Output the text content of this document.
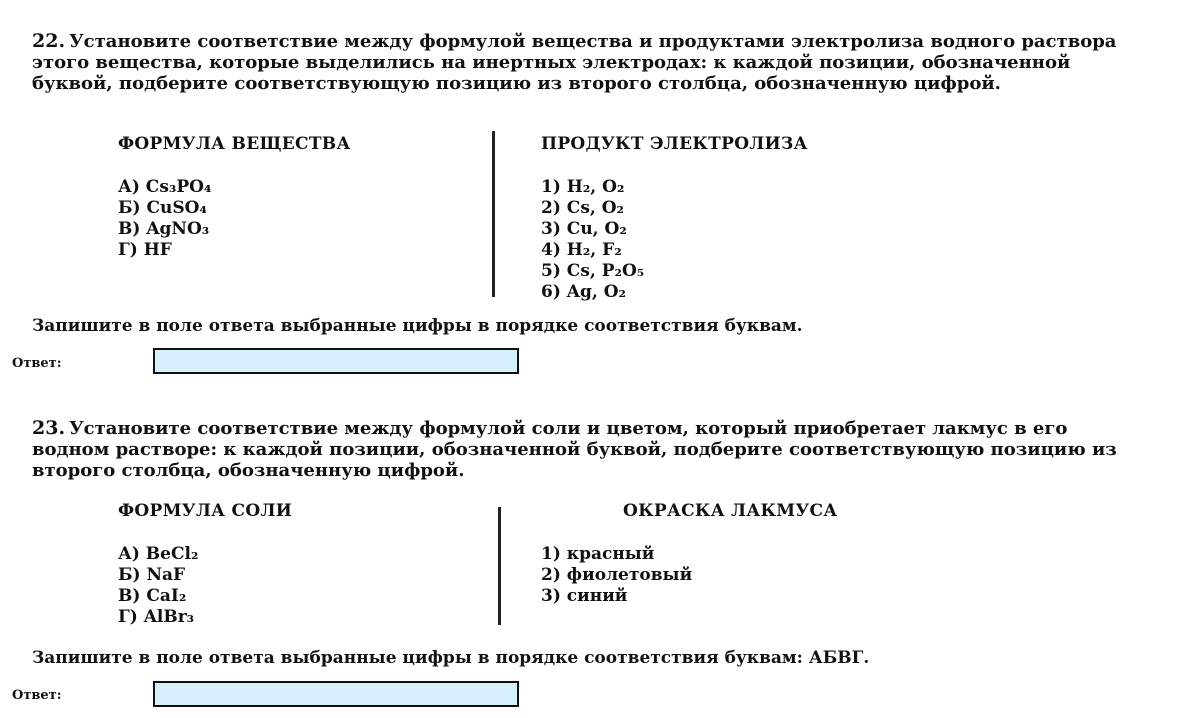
22. Установите соответствие между формулой вещества и продуктами электролиза водного раствора этого вещества, которые выделились на инертных электродах: к каждой позиции, обозначенной буквой, подберите соответствующую позицию из второго столбца, обозначенную цифрой.

ФОРМУЛА ВЕЩЕСТВА
А) Cs₃PO₄
Б) CuSO₄
В) AgNO₃
Г) HF
ПРОДУКТ ЭЛЕКТРОЛИЗА
1) H₂, O₂
2) Cs, O₂
3) Cu, O₂
4) H₂, F₂
5) Cs, P₂O₅
6) Ag, O₂
Запишите в поле ответа выбранные цифры в порядке соответствия буквам.
Ответ:

23. Установите соответствие между формулой соли и цветом, который приобретает лакмус в его водном растворе: к каждой позиции, обозначенной буквой, подберите соответствующую позицию из второго столбца, обозначенную цифрой.

ФОРМУЛА СОЛИ
А) BeCl₂
Б) NaF
В) CaI₂
Г) AlBr₃
ОКРАСКА ЛАКМУСА
1) красный
2) фиолетовый
3) синий
Запишите в поле ответа выбранные цифры в порядке соответствия буквам: АБВГ.
Ответ:
